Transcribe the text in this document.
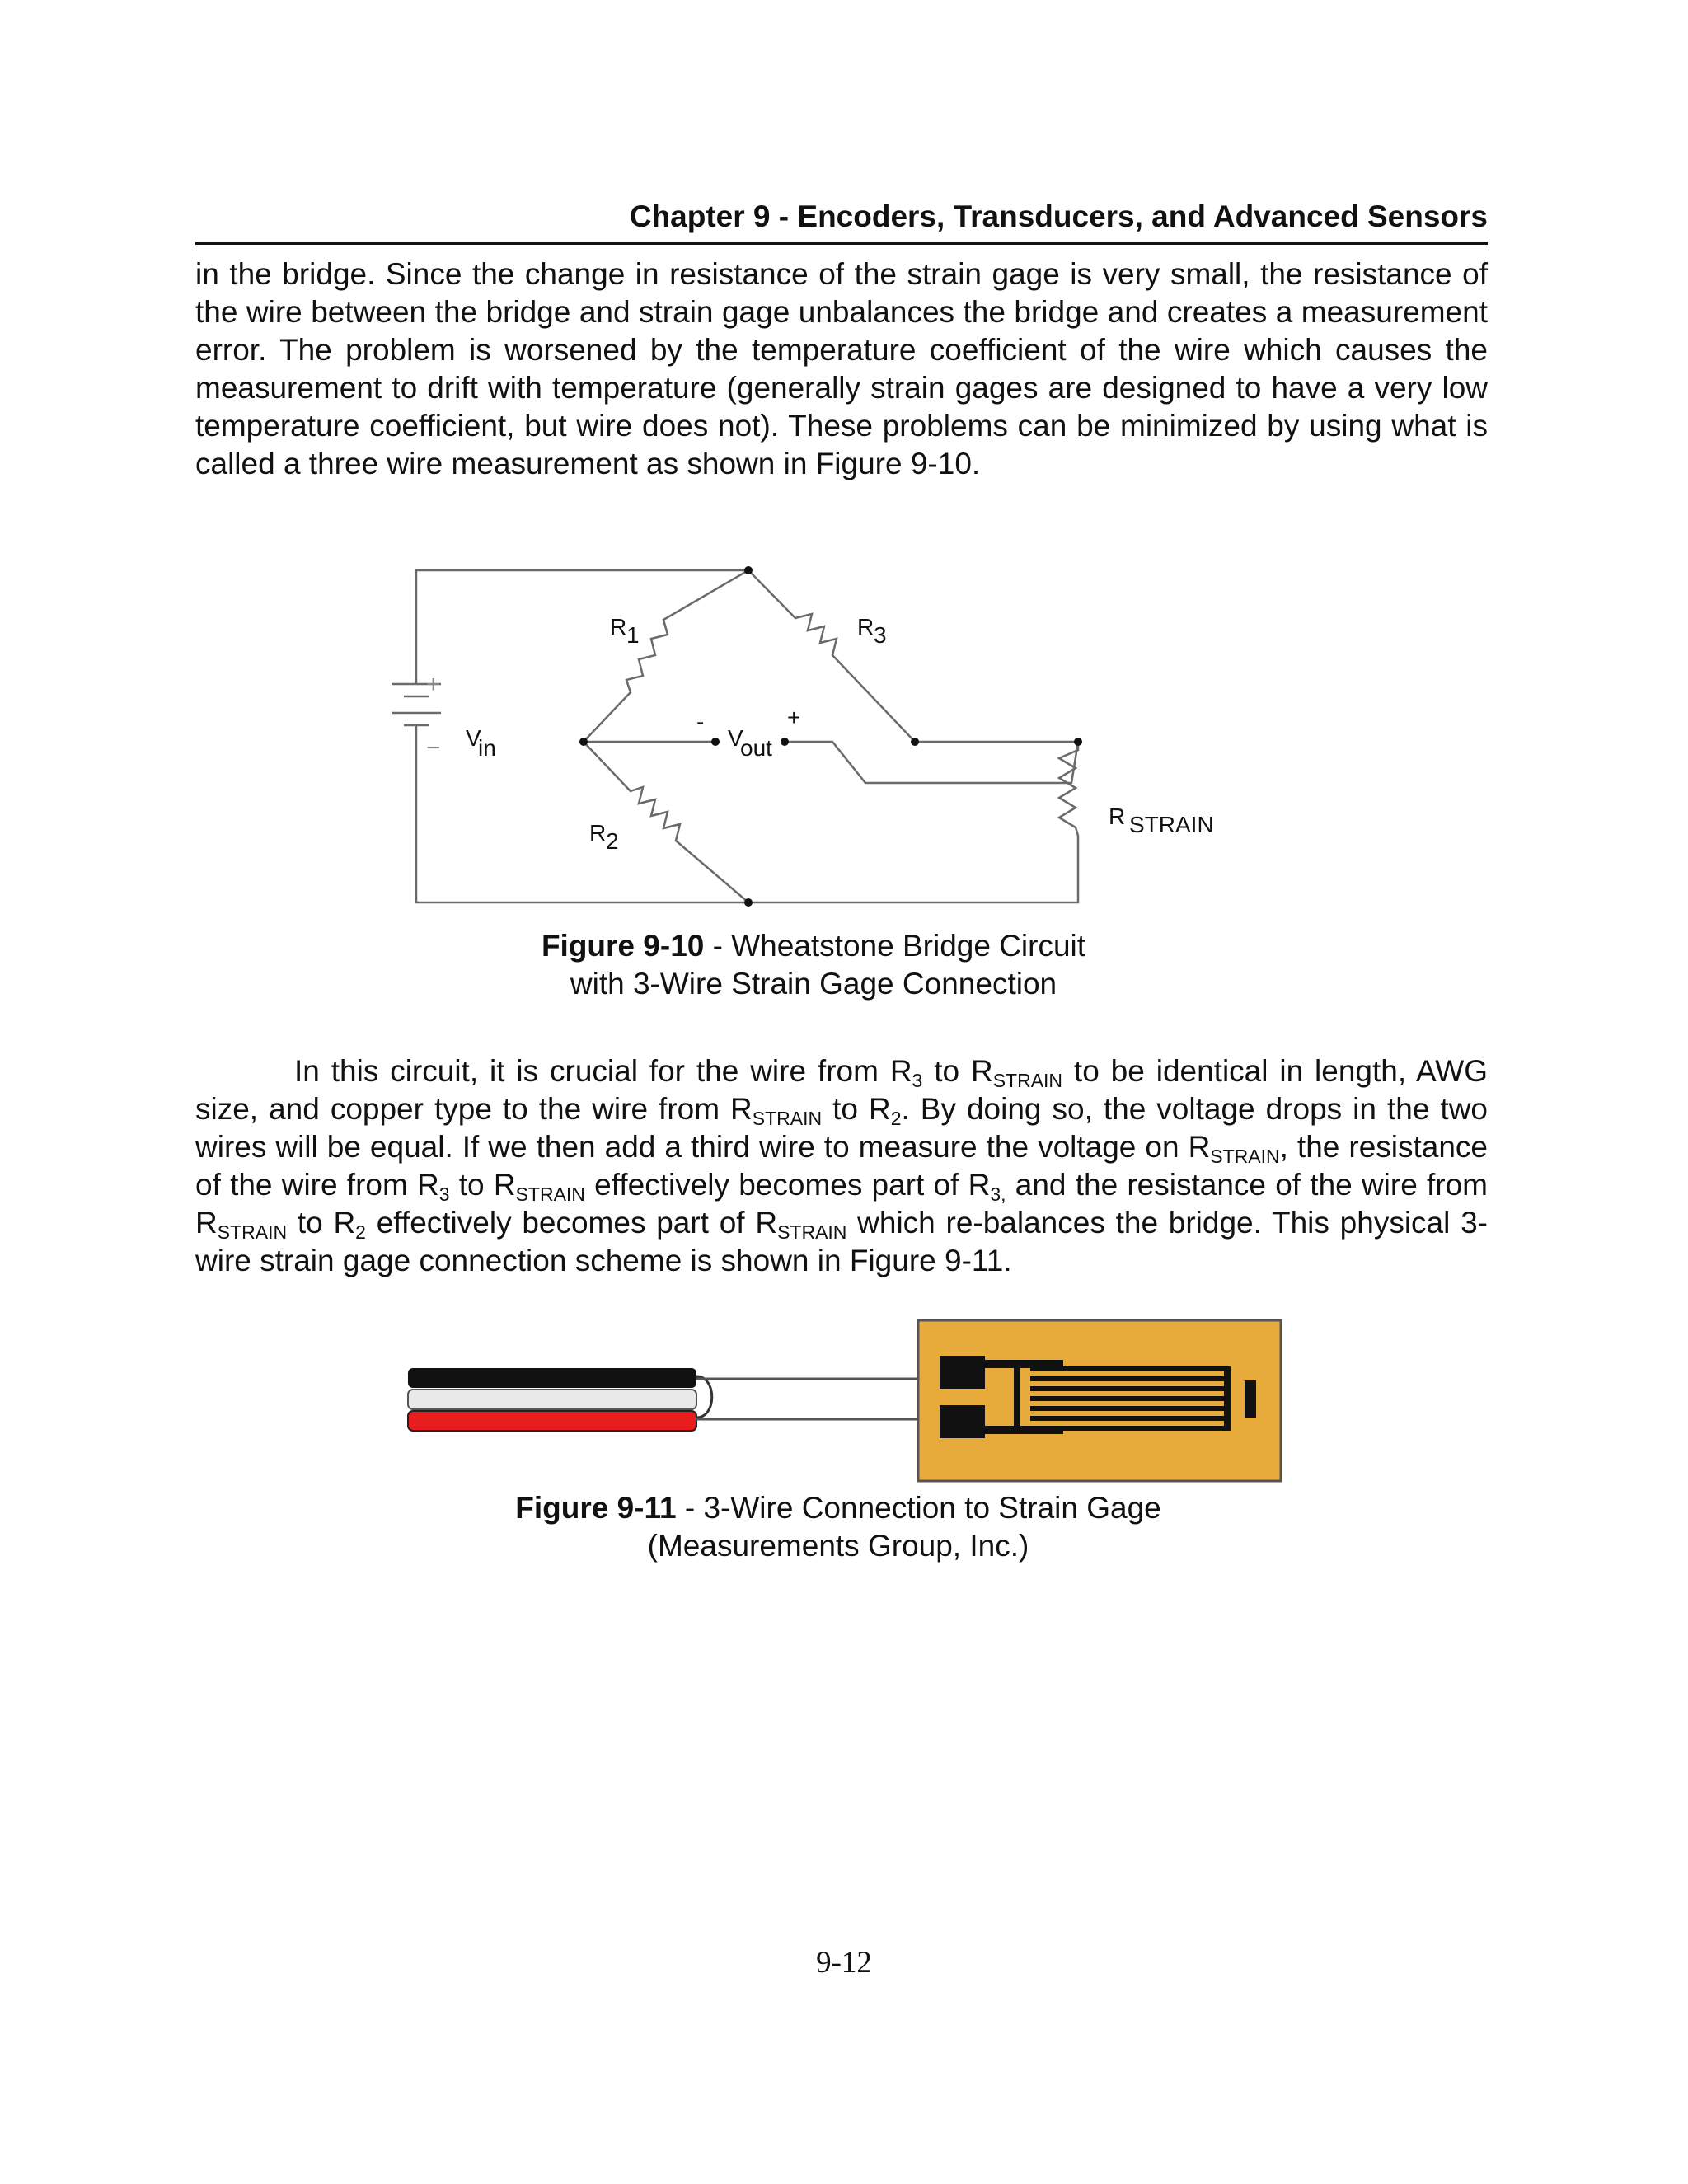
Chapter 9 - Encoders, Transducers, and Advanced Sensors

in the bridge. Since the change in resistance of the strain gage is very small, the resistance of the wire between the bridge and strain gage unbalances the bridge and creates a measurement error. The problem is worsened by the temperature coefficient of the wire which causes the measurement to drift with temperature (generally strain gages are designed to have a very low temperature coefficient, but wire does not). These problems can be minimized by using what is called a three wire measurement as shown in Figure 9-10.

R 1	R 3
R 2
R STRAIN
V
in	V
out
-	+
+
−

Figure 9-10 - Wheatstone Bridge Circuit
with 3-Wire Strain Gage Connection

In this circuit, it is crucial for the wire from $R_3$ to $R_{STRAIN}$ to be identical in length, AWG size, and copper type to the wire from $R_{STRAIN}$ to $R_2$. By doing so, the voltage drops in the two wires will be equal. If we then add a third wire to measure the voltage on $R_{STRAIN}$, the resistance of the wire from $R_3$ to $R_{STRAIN}$ effectively becomes part of $R_{3,}$ and the resistance of the wire from $R_{STRAIN}$ to $R_2$ effectively becomes part of $R_{STRAIN}$ which re-balances the bridge. This physical 3-wire strain gage connection scheme is shown in Figure 9-11.

Figure 9-11 - 3-Wire Connection to Strain Gage
(Measurements Group, Inc.)

9-12
